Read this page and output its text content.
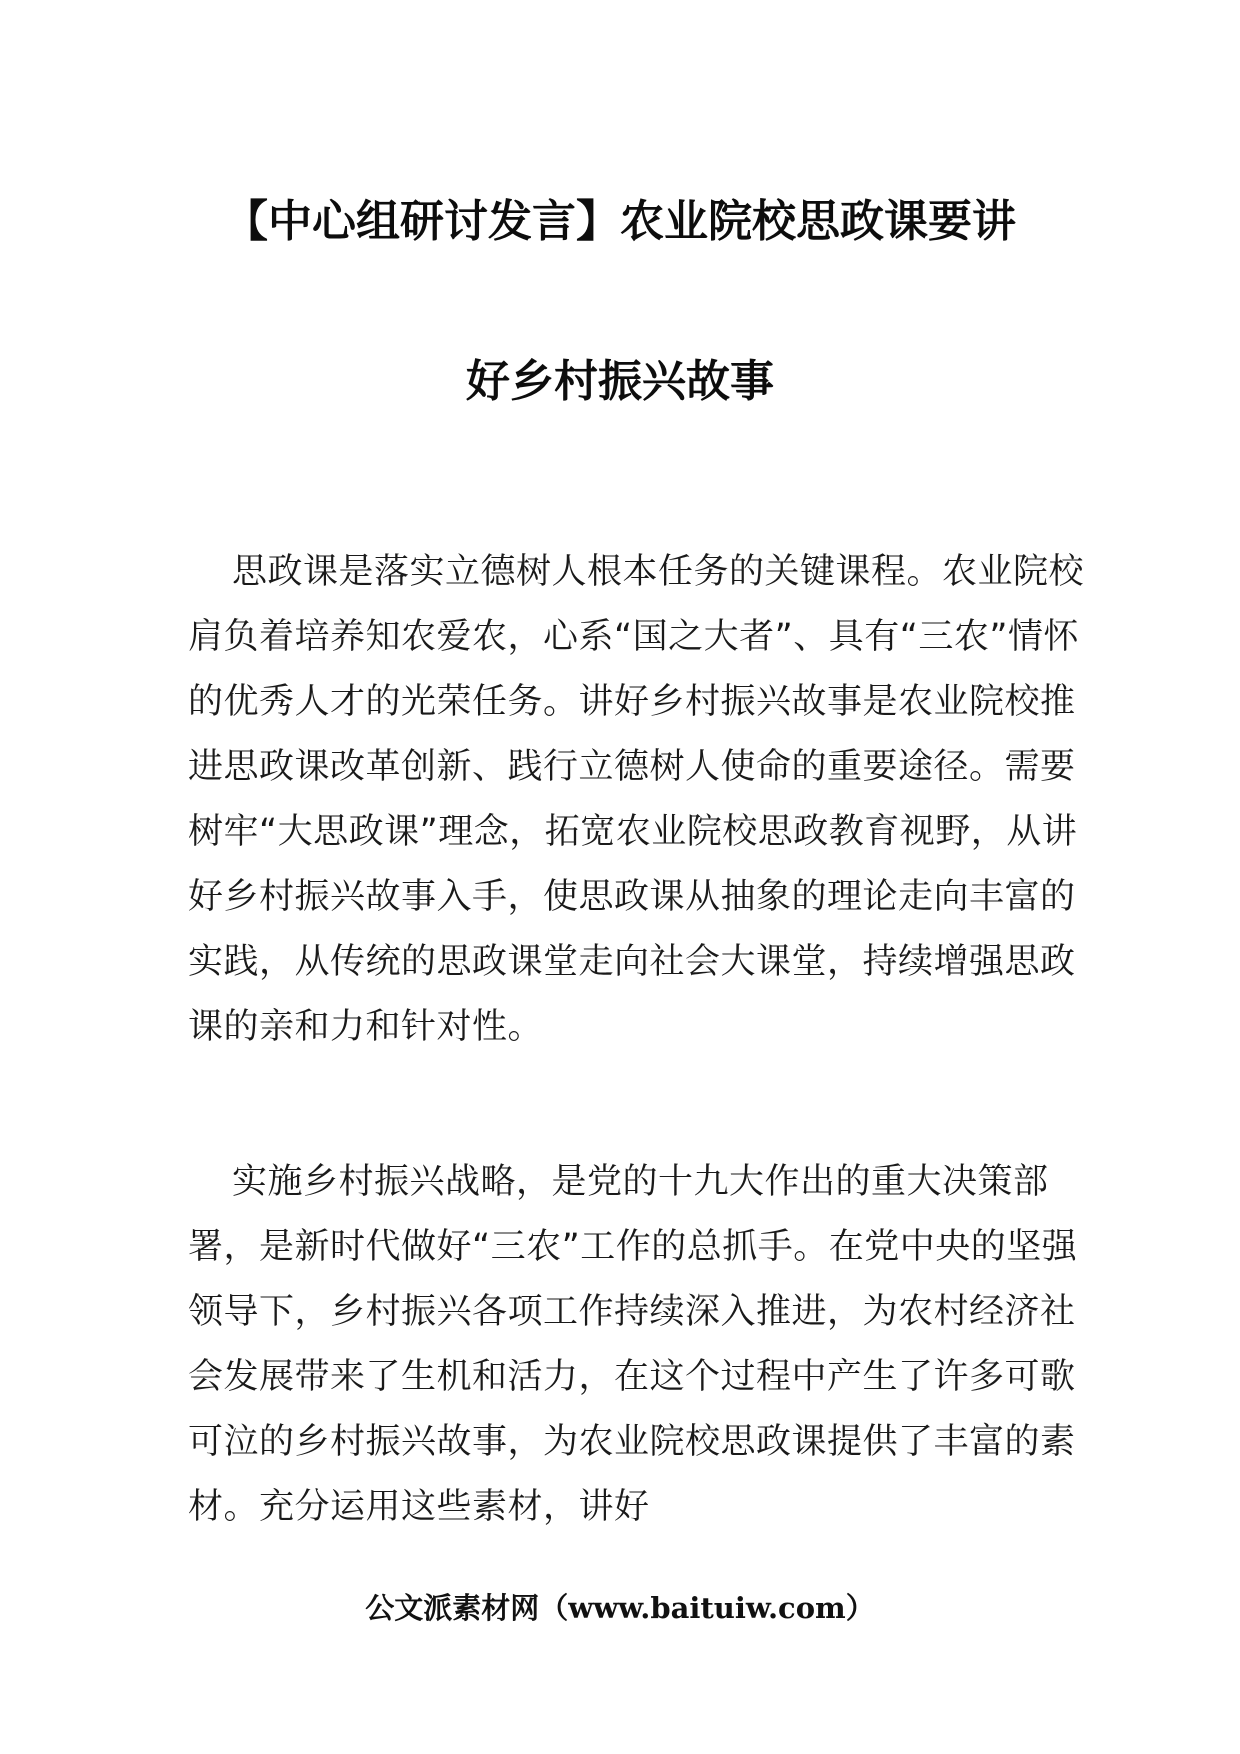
【中心组研讨发言】农业院校思政课要讲
好乡村振兴故事

思政课是落实立德树人根本任务的关键课程。农业院校肩负着培养知农爱农，心系“国之大者”、具有“三农”情怀的优秀人才的光荣任务。讲好乡村振兴故事是农业院校推进思政课改革创新、践行立德树人使命的重要途径。需要树牢“大思政课”理念，拓宽农业院校思政教育视野，从讲好乡村振兴故事入手，使思政课从抽象的理论走向丰富的实践，从传统的思政课堂走向社会大课堂，持续增强思政课的亲和力和针对性。

实施乡村振兴战略，是党的十九大作出的重大决策部署，是新时代做好“三农”工作的总抓手。在党中央的坚强领导下，乡村振兴各项工作持续深入推进，为农村经济社会发展带来了生机和活力，在这个过程中产生了许多可歌可泣的乡村振兴故事，为农业院校思政课提供了丰富的素材。充分运用这些素材，讲好

公文派素材网（www.baituiw.com）
